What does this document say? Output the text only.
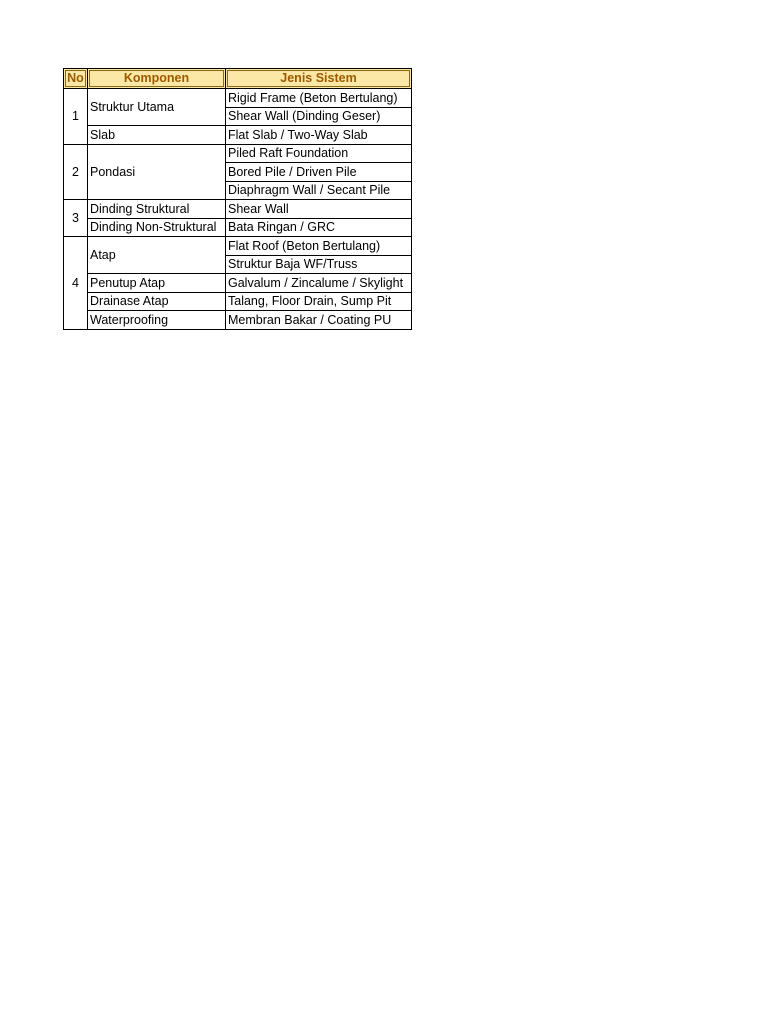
No	Komponen	Jenis Sistem
1	Struktur Utama	Rigid Frame (Beton Bertulang)
		Shear Wall (Dinding Geser)
	Slab	Flat Slab / Two-Way Slab
2	Pondasi	Piled Raft Foundation
		Bored Pile / Driven Pile
		Diaphragm Wall / Secant Pile
3	Dinding Struktural	Shear Wall
	Dinding Non-Struktural	Bata Ringan / GRC
4	Atap	Flat Roof (Beton Bertulang)
		Struktur Baja WF/Truss
	Penutup Atap	Galvalum / Zincalume / Skylight
	Drainase Atap	Talang, Floor Drain, Sump Pit
	Waterproofing	Membran Bakar / Coating PU
